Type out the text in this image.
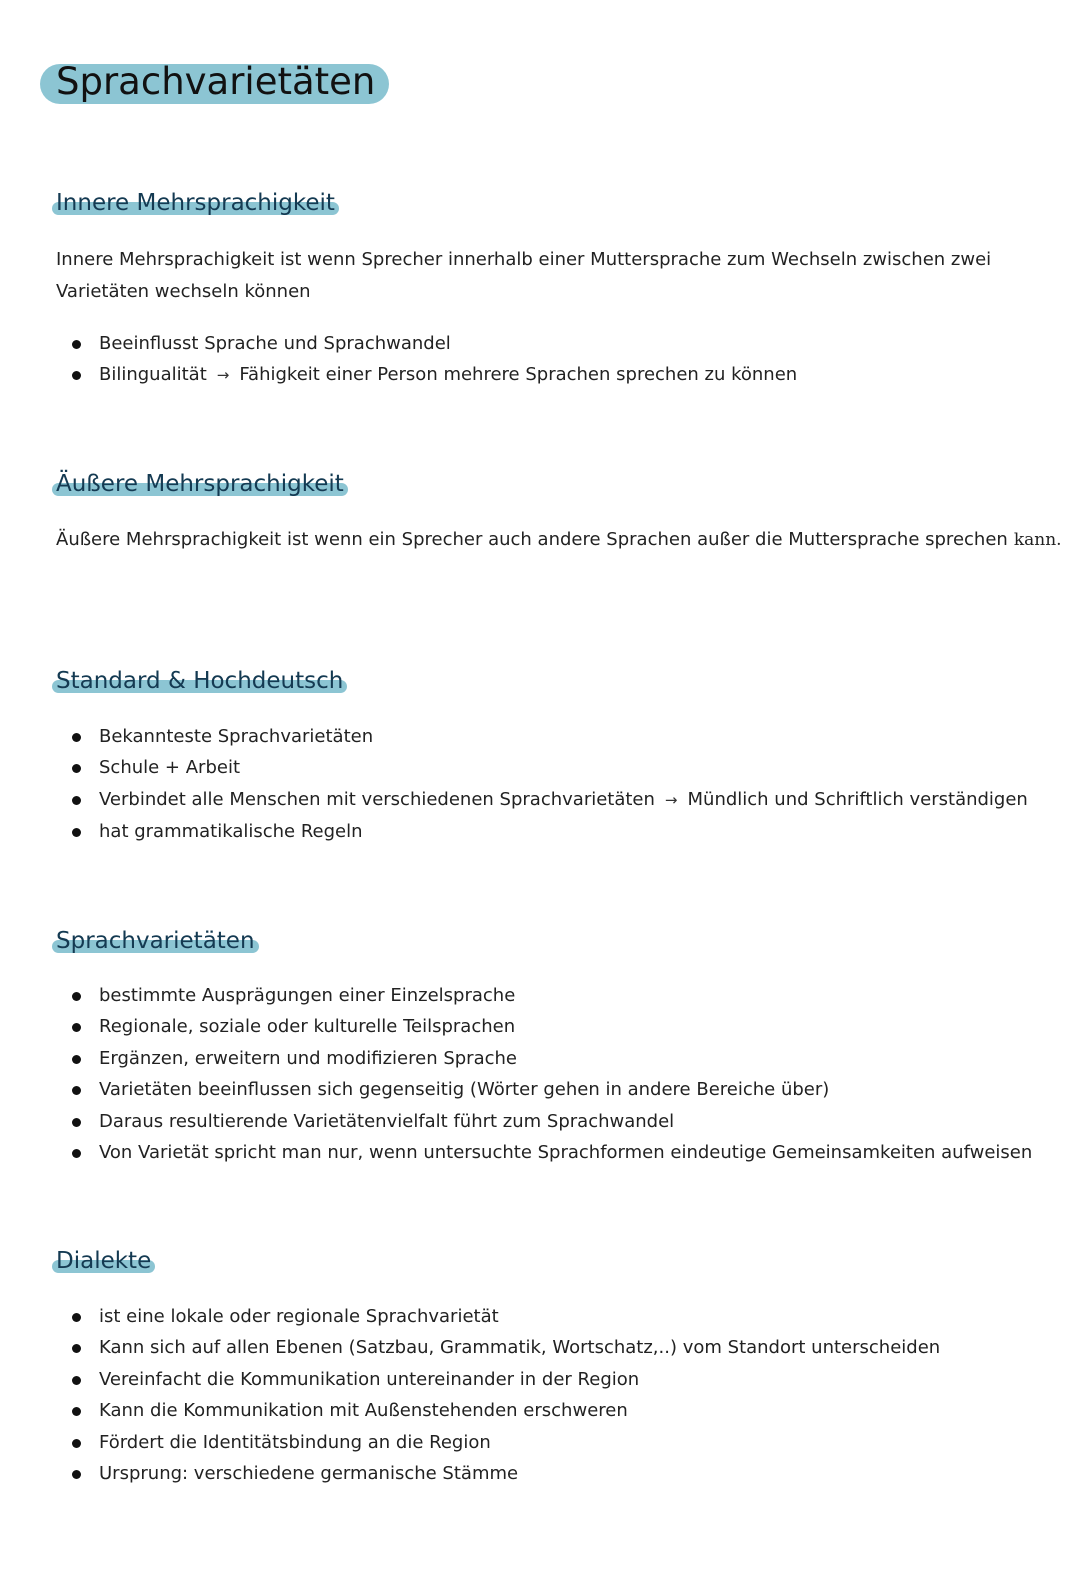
Sprachvarietäten
Innere Mehrsprachigkeit
Innere Mehrsprachigkeit ist wenn Sprecher innerhalb einer Muttersprache zum Wechseln zwischen zwei
Varietäten wechseln können
Beeinflusst Sprache und Sprachwandel
Bilingualität → Fähigkeit einer Person mehrere Sprachen sprechen zu können
Äußere Mehrsprachigkeit
Äußere Mehrsprachigkeit ist wenn ein Sprecher auch andere Sprachen außer die Muttersprache sprechen kann.
Standard & Hochdeutsch
Bekannteste Sprachvarietäten
Schule + Arbeit
Verbindet alle Menschen mit verschiedenen Sprachvarietäten → Mündlich und Schriftlich verständigen
hat grammatikalische Regeln
Sprachvarietäten
bestimmte Ausprägungen einer Einzelsprache
Regionale, soziale oder kulturelle Teilsprachen
Ergänzen, erweitern und modifizieren Sprache
Varietäten beeinflussen sich gegenseitig (Wörter gehen in andere Bereiche über)
Daraus resultierende Varietätenvielfalt führt zum Sprachwandel
Von Varietät spricht man nur, wenn untersuchte Sprachformen eindeutige Gemeinsamkeiten aufweisen
Dialekte
ist eine lokale oder regionale Sprachvarietät
Kann sich auf allen Ebenen (Satzbau, Grammatik, Wortschatz,..) vom Standort unterscheiden
Vereinfacht die Kommunikation untereinander in der Region
Kann die Kommunikation mit Außenstehenden erschweren
Fördert die Identitätsbindung an die Region
Ursprung: verschiedene germanische Stämme
